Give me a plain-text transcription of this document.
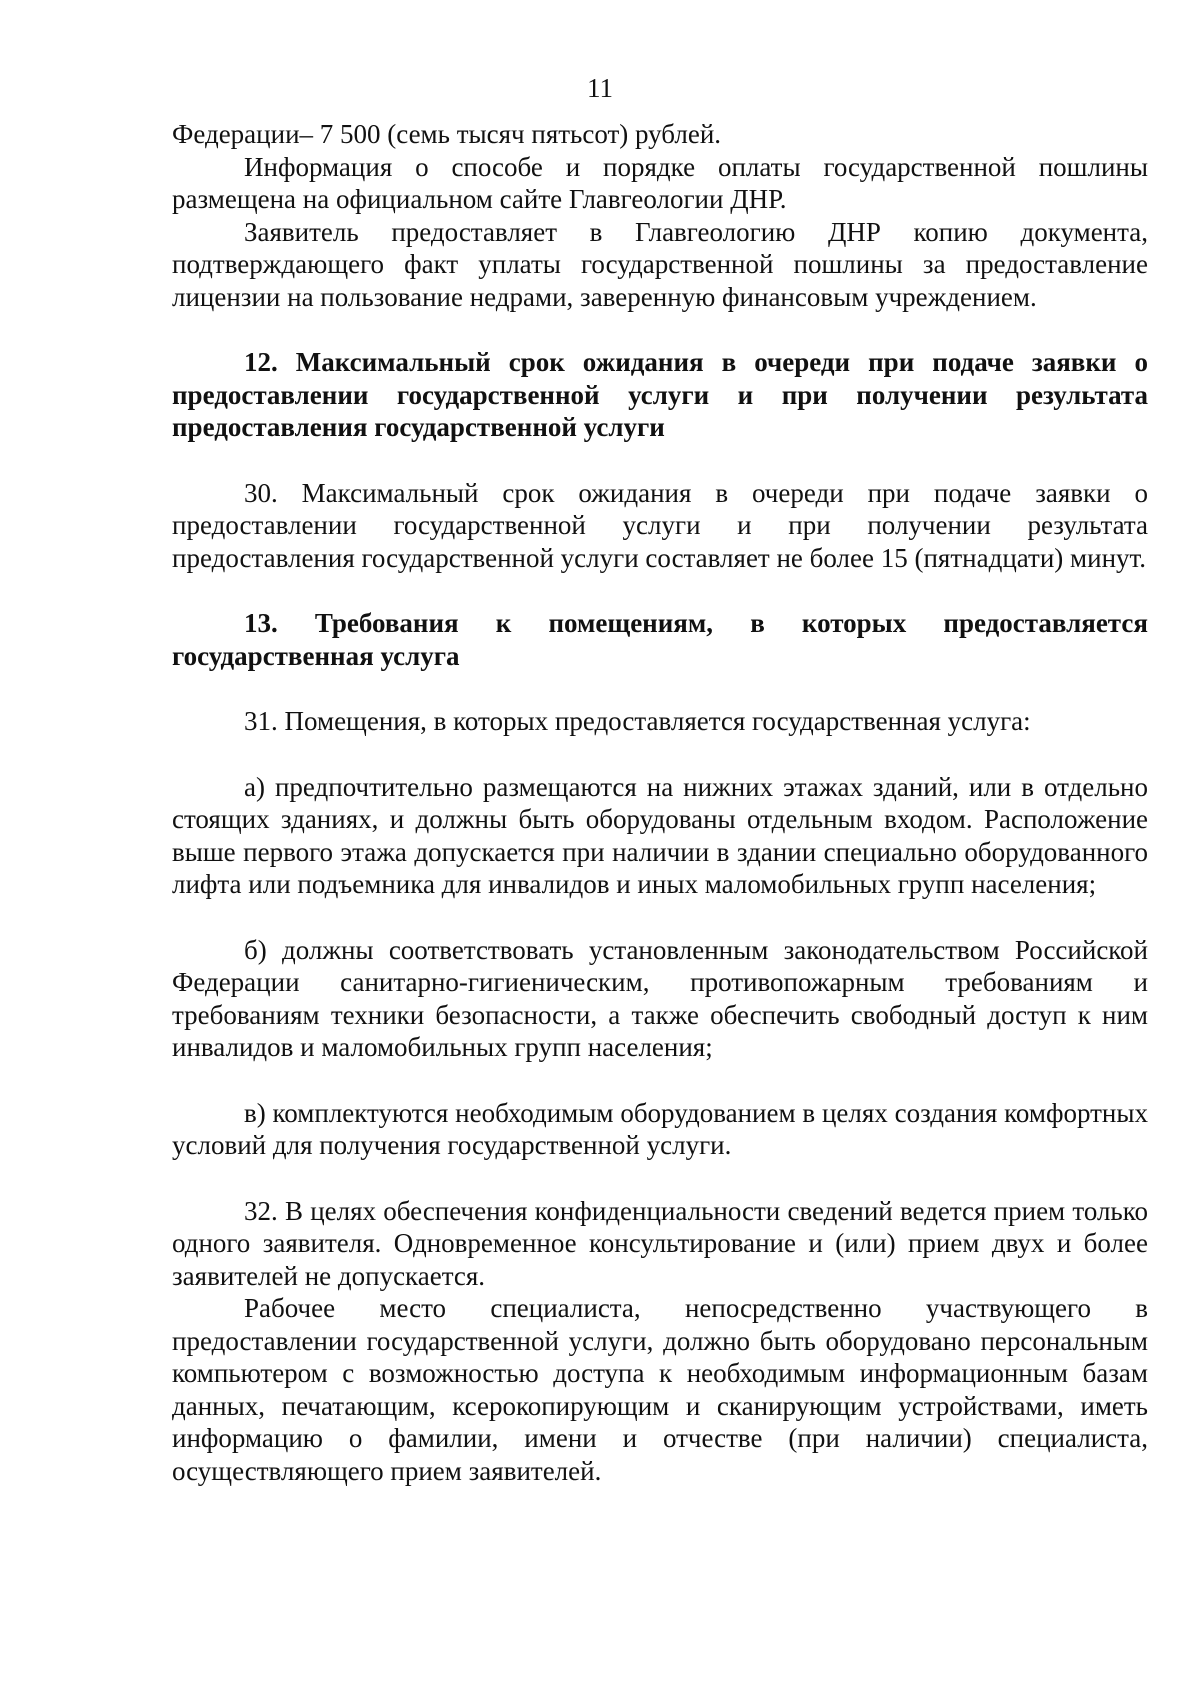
11

Федерации– 7 500 (семь тысяч пятьсот) рублей.

Информация о способе и порядке оплаты государственной пошлины размещена на официальном сайте Главгеологии ДНР.

Заявитель предоставляет в Главгеологию ДНР копию документа, подтверждающего факт уплаты государственной пошлины за предоставление лицензии на пользование недрами, заверенную финансовым учреждением.

12. Максимальный срок ожидания в очереди при подаче заявки о предоставлении государственной услуги и при получении результата предоставления государственной услуги

30. Максимальный срок ожидания в очереди при подаче заявки о предоставлении государственной услуги и при получении результата предоставления государственной услуги составляет не более 15 (пятнадцати) минут.

13. Требования к помещениям, в которых предоставляется государственная услуга

31. Помещения, в которых предоставляется государственная услуга:

а) предпочтительно размещаются на нижних этажах зданий, или в отдельно стоящих зданиях, и должны быть оборудованы отдельным входом. Расположение выше первого этажа допускается при наличии в здании специально оборудованного лифта или подъемника для инвалидов и иных маломобильных групп населения;

б) должны соответствовать установленным законодательством Российской Федерации санитарно-гигиеническим, противопожарным требованиям и требованиям техники безопасности, а также обеспечить свободный доступ к ним инвалидов и маломобильных групп населения;

в) комплектуются необходимым оборудованием в целях создания комфортных условий для получения государственной услуги.

32. В целях обеспечения конфиденциальности сведений ведется прием только одного заявителя. Одновременное консультирование и (или) прием двух и более заявителей не допускается.

Рабочее место специалиста, непосредственно участвующего в предоставлении государственной услуги, должно быть оборудовано персональным компьютером с возможностью доступа к необходимым информационным базам данных, печатающим, ксерокопирующим и сканирующим устройствами, иметь информацию о фамилии, имени и отчестве (при наличии) специалиста, осуществляющего прием заявителей.
